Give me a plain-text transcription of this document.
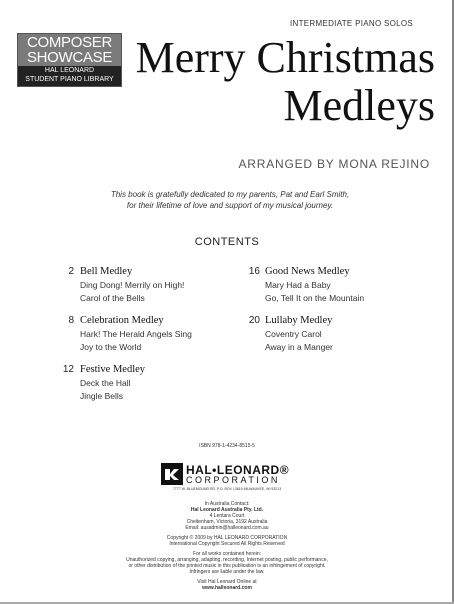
COMPOSER
SHOWCASE
HAL LEONARD
STUDENT PIANO LIBRARY
INTERMEDIATE PIANO SOLOS
Merry Christmas
Medleys
ARRANGED BY MONA REJINO
This book is gratefully dedicated to my parents, Pat and Earl Smith,
for their lifetime of love and support of my musical journey.
CONTENTS
2 Bell Medley
Ding Dong! Merrily on High!
Carol of the Bells
8 Celebration Medley
Hark! The Herald Angels Sing
Joy to the World
12 Festive Medley
Deck the Hall
Jingle Bells
16 Good News Medley
Mary Had a Baby
Go, Tell It on the Mountain
20 Lullaby Medley
Coventry Carol
Away in a Manger
ISBN 978-1-4234-8515-5
HAL•LEONARD®
CORPORATION
7777 W. BLUEMOUND RD. P.O. BOX 13819 MILWAUKEE, WI 53213
In Australia Contact:
Hal Leonard Australia Pty. Ltd.
4 Lentara Court
Cheltenham, Victoria, 3192 Australia
Email: ausadmin@halleonard.com.au
Copyright © 2009 by HAL LEONARD CORPORATION
International Copyright Secured All Rights Reserved
For all works contained herein:
Unauthorized copying, arranging, adapting, recording, Internet posting, public performance,
or other distribution of the printed music in this publication is an infringement of copyright.
Infringers are liable under the law.
Visit Hal Leonard Online at
www.halleonard.com
